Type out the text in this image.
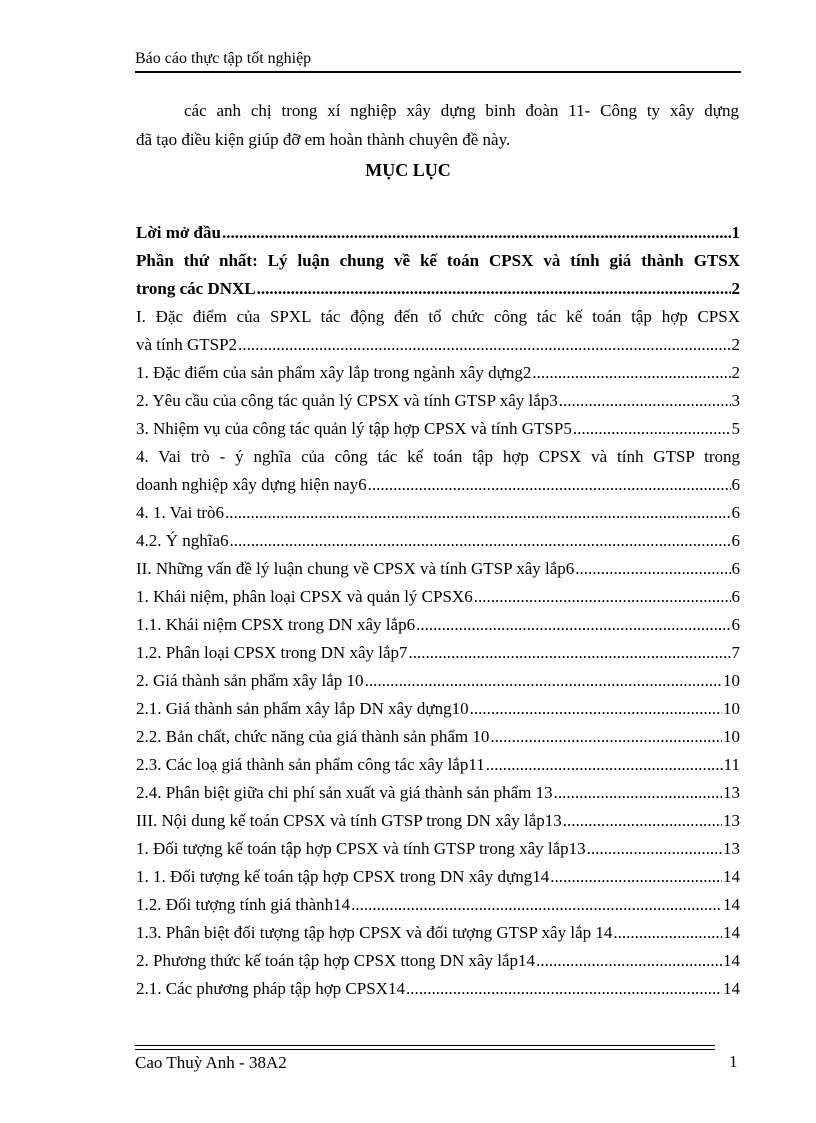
Báo cáo thực tập tốt nghiệp
các anh chị trong xí nghiệp xây dựng binh đoàn 11- Công ty xây dựng
đã tạo điều kiện giúp đỡ em hoàn thành chuyên đề này.
MỤC LỤC
Lời mở đầu .....	1
Phần thứ nhất: Lý luận chung về kế toán CPSX và tính giá thành GTSX
trong các DNXL .....	2
I. Đặc điểm của SPXL tác động đến tổ chức công tác kế toán tập hợp CPSX
và tính GTSP2 .....	2
1. Đặc điểm của sản phẩm xây lắp trong ngành xây dựng2 .....	2
2. Yêu cầu của công tác quản lý CPSX và tính GTSP xây lắp3 .....	3
3. Nhiệm vụ của công tác quản lý tập hợp CPSX và tính GTSP5 .....	5
4. Vai trò - ý nghĩa của công tác kế toán tập hợp CPSX và tính GTSP trong
doanh nghiệp xây dựng hiện nay6 .....	6
4. 1. Vai trò6 .....	6
4.2. Ý nghĩa6 .....	6
II. Những vấn đề lý luận chung về CPSX và tính GTSP xây lắp6 .....	6
1. Khái niệm, phân loại CPSX và quản lý CPSX6 .....	6
1.1. Khái niệm CPSX trong DN xây lắp6 .....	6
1.2. Phân loại CPSX trong DN xây lắp7 .....	7
2. Giá thành sản phẩm xây lắp 10 .....	10
2.1. Giá thành sản phẩm xây lắp DN xây dựng10 .....	10
2.2. Bản chất, chức năng của giá thành sản phẩm 10 .....	10
2.3. Các loạ giá thành sản phẩm công tác xây lắp11 .....	11
2.4. Phân biệt giữa chi phí sản xuất và giá thành sản phẩm 13 .....	13
III. Nội dung kế toán CPSX và tính GTSP trong DN xây lắp13 .....	13
1. Đối tượng kế toán tập hợp CPSX và tính GTSP trong xây lắp13 .....	13
1. 1. Đối tượng kế toán tập hợp CPSX trong DN xây dựng14 .....	14
1.2. Đối tượng tính giá thành14 .....	14
1.3. Phân biệt đối tượng tập hợp CPSX và đối tượng GTSP xây lắp 14 .....	14
2. Phương thức kế toán tập hợp CPSX ttong DN xây lắp14 .....	14
2.1. Các phương pháp tập hợp CPSX14 .....	14
Cao Thuỳ Anh - 38A2	1
